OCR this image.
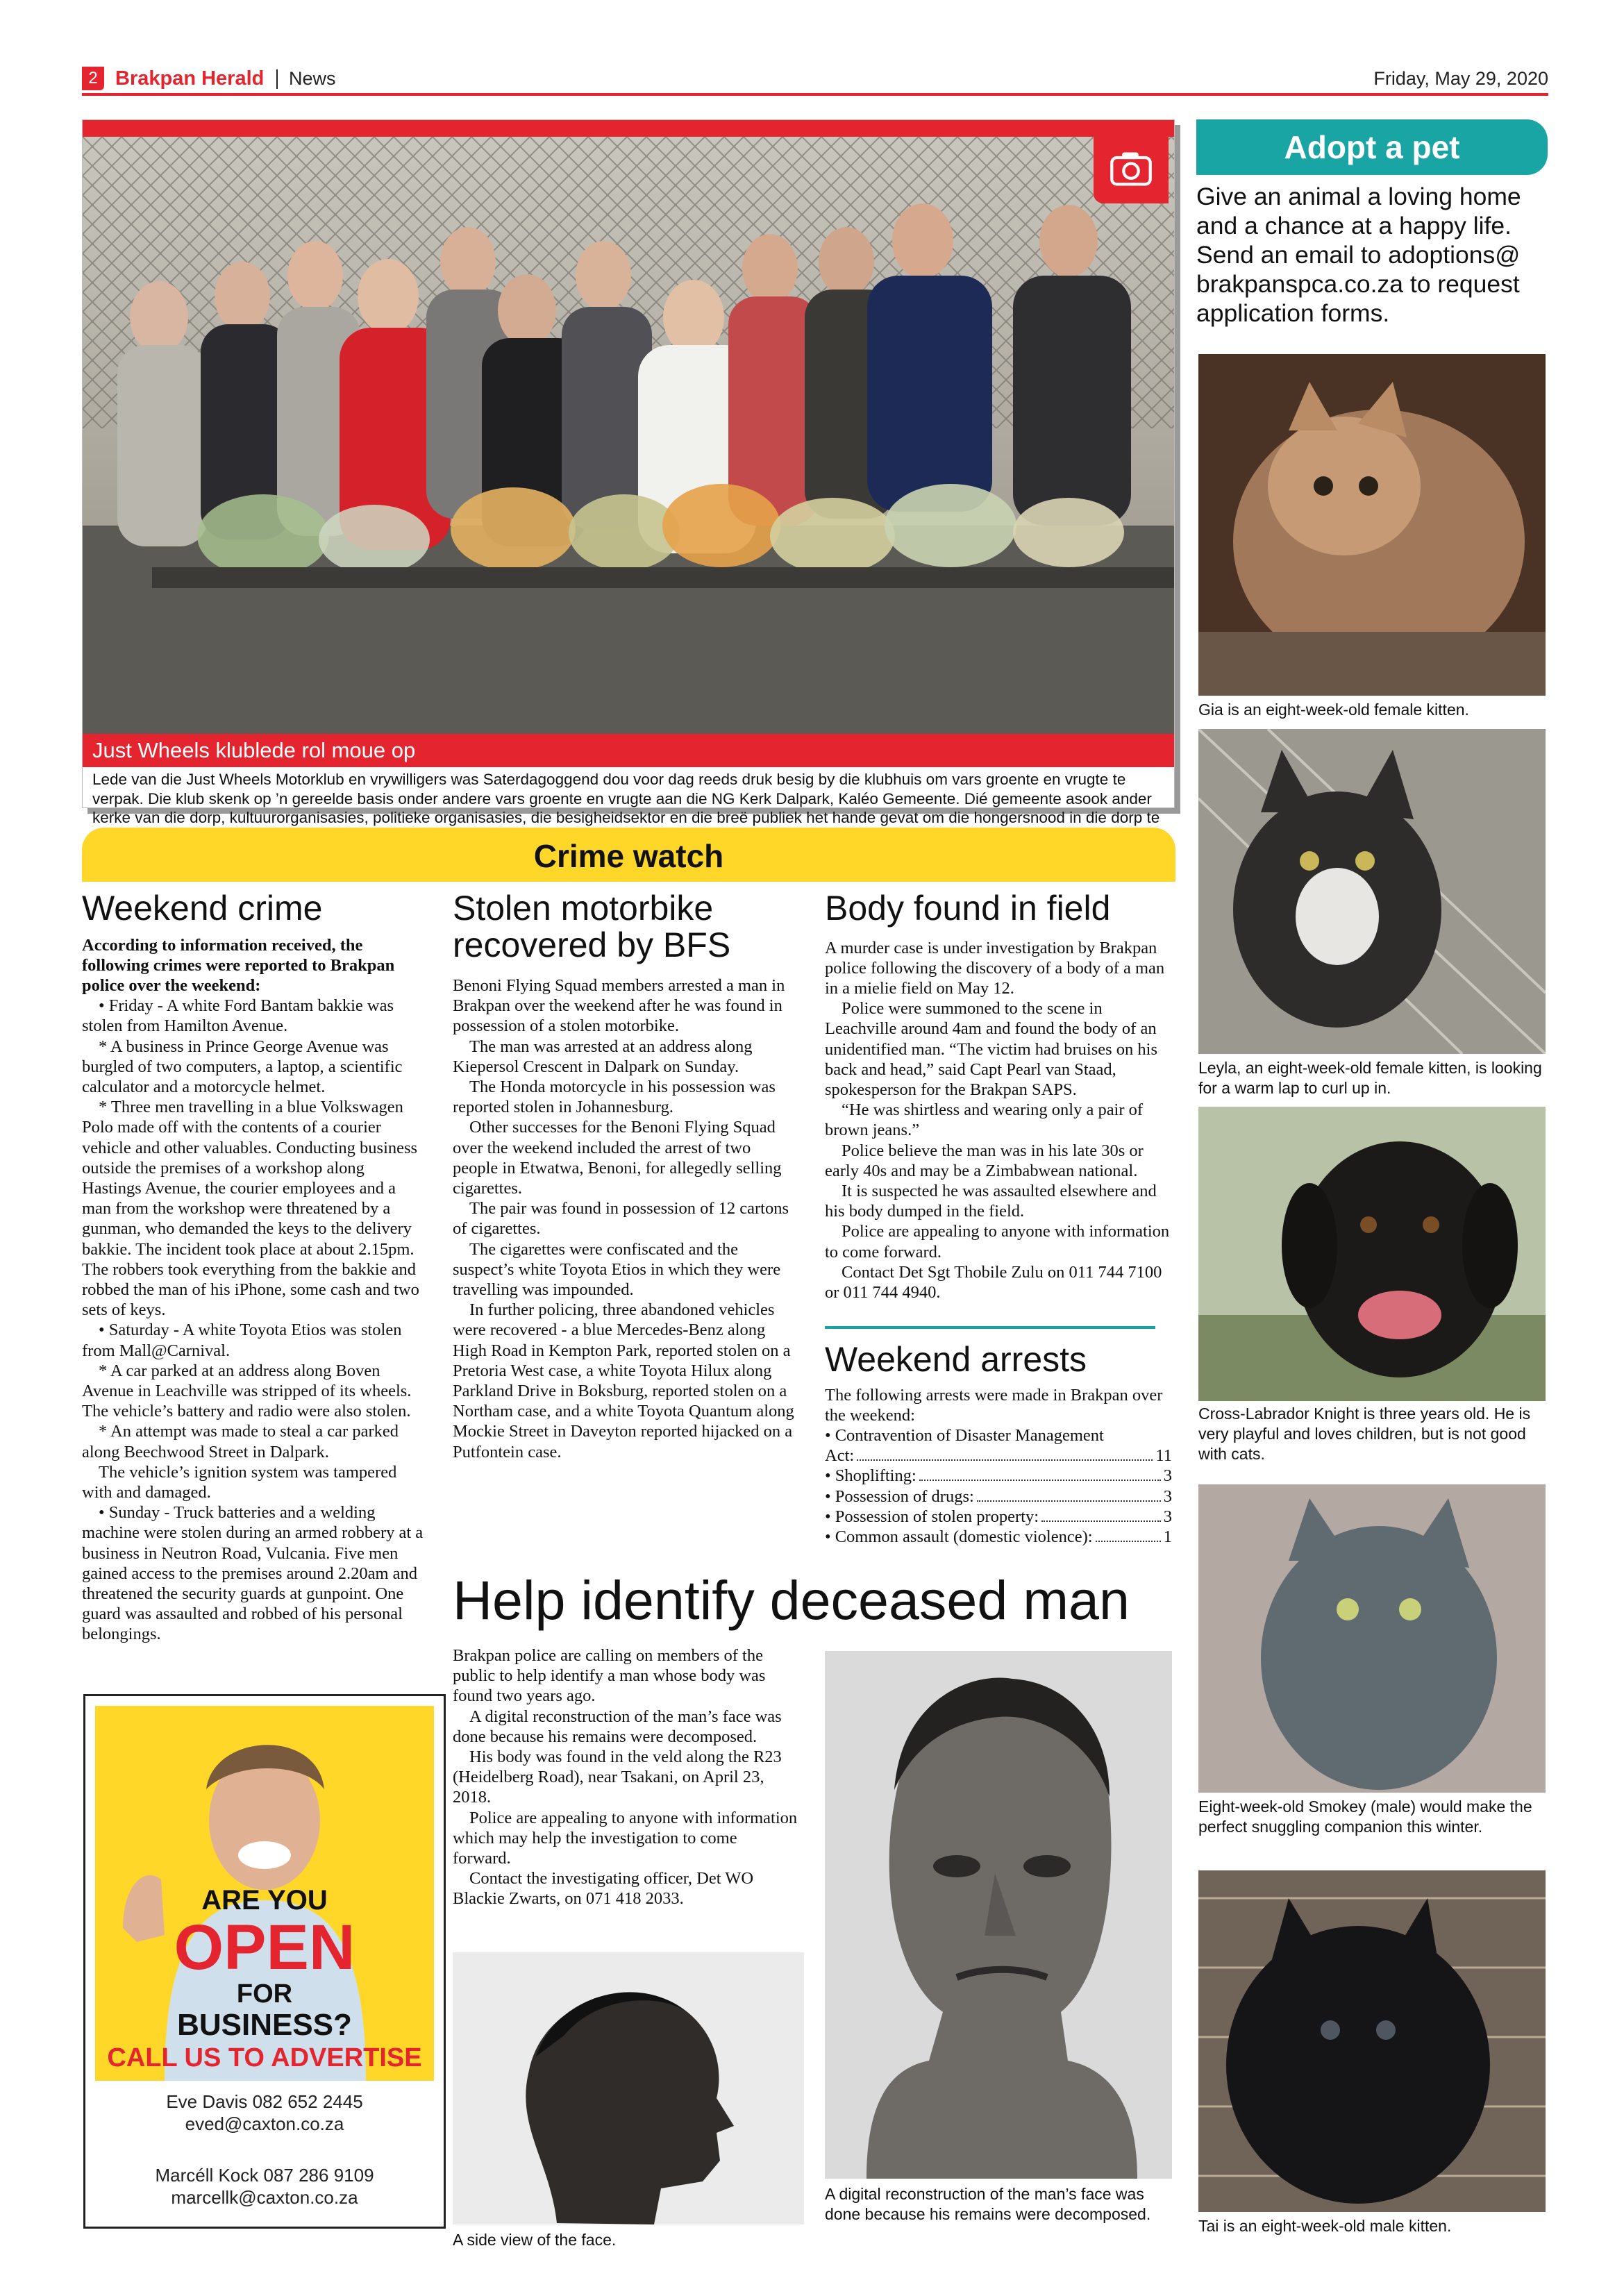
2 Brakpan Herald News	Friday, May 29, 2020
Just Wheels klublede rol moue op
Lede van die Just Wheels Motorklub en vrywilligers was Saterdagoggend dou voor dag reeds druk besig by die klubhuis om vars groente en vrugte te verpak. Die klub skenk op ’n gereelde basis onder andere vars groente en vrugte aan die NG Kerk Dalpark, Kaléo Gemeente. Dié gemeente asook ander kerke van die dorp, kultuurorganisasies, politieke organisasies, die besigheidsektor en die breë publiek het hande gevat om die hongersnood in die dorp te
Adopt a pet
Give an animal a loving home and a chance at a happy life. Send an email to adoptions@ brakpanspca.co.za to request application forms.
Gia is an eight-week-old female kitten.
Leyla, an eight-week-old female kitten, is looking for a warm lap to curl up in.
Cross-Labrador Knight is three years old. He is very playful and loves children, but is not good with cats.
Eight-week-old Smokey (male) would make the perfect snuggling companion this winter.
Tai is an eight-week-old male kitten.
Crime watch
Weekend crime

According to information received, the following crimes were reported to Brakpan police over the weekend:

• Friday - A white Ford Bantam bakkie was stolen from Hamilton Avenue.

* A business in Prince George Avenue was burgled of two computers, a laptop, a scientific calculator and a motorcycle helmet.

* Three men travelling in a blue Volkswagen Polo made off with the contents of a courier vehicle and other valuables. Conducting business outside the premises of a workshop along Hastings Avenue, the courier employees and a man from the workshop were threatened by a gunman, who demanded the keys to the delivery bakkie. The incident took place at about 2.15pm. The robbers took everything from the bakkie and robbed the man of his iPhone, some cash and two sets of keys.

• Saturday - A white Toyota Etios was stolen from Mall@Carnival.

* A car parked at an address along Boven Avenue in Leachville was stripped of its wheels. The vehicle’s battery and radio were also stolen.

* An attempt was made to steal a car parked along Beechwood Street in Dalpark.

The vehicle’s ignition system was tampered with and damaged.

• Sunday - Truck batteries and a welding machine were stolen during an armed robbery at a business in Neutron Road, Vulcania. Five men gained access to the premises around 2.20am and threatened the security guards at gunpoint. One guard was assaulted and robbed of his personal belongings.

Stolen motorbike recovered by BFS

Benoni Flying Squad members arrested a man in Brakpan over the weekend after he was found in possession of a stolen motorbike.

The man was arrested at an address along Kiepersol Crescent in Dalpark on Sunday.

The Honda motorcycle in his possession was reported stolen in Johannesburg.

Other successes for the Benoni Flying Squad over the weekend included the arrest of two people in Etwatwa, Benoni, for allegedly selling cigarettes.

The pair was found in possession of 12 cartons of cigarettes.

The cigarettes were confiscated and the suspect’s white Toyota Etios in which they were travelling was impounded.

In further policing, three abandoned vehicles were recovered - a blue Mercedes-Benz along High Road in Kempton Park, reported stolen on a Pretoria West case, a white Toyota Hilux along Parkland Drive in Boksburg, reported stolen on a Northam case, and a white Toyota Quantum along Mockie Street in Daveyton reported hijacked on a Putfontein case.

Body found in field

A murder case is under investigation by Brakpan police following the discovery of a body of a man in a mielie field on May 12.

Police were summoned to the scene in Leachville around 4am and found the body of an unidentified man. “The victim had bruises on his back and head,” said Capt Pearl van Staad, spokesperson for the Brakpan SAPS.

“He was shirtless and wearing only a pair of brown jeans.”

Police believe the man was in his late 30s or early 40s and may be a Zimbabwean national.

It is suspected he was assaulted elsewhere and his body dumped in the field.

Police are appealing to anyone with information to come forward.

Contact Det Sgt Thobile Zulu on 011 744 7100 or 011 744 4940.

Weekend arrests

The following arrests were made in Brakpan over the weekend:

• Contravention of Disaster Management
Act:	11
• Shoplifting:	3
• Possession of drugs:	3
• Possession of stolen property:	3
• Common assault (domestic violence):	1
Help identify deceased man

Brakpan police are calling on members of the public to help identify a man whose body was found two years ago.

A digital reconstruction of the man’s face was done because his remains were decomposed.

His body was found in the veld along the R23 (Heidelberg Road), near Tsakani, on April 23, 2018.

Police are appealing to anyone with information which may help the investigation to come forward.

Contact the investigating officer, Det WO Blackie Zwarts, on 071 418 2033.

A side view of the face.
A digital reconstruction of the man’s face was done because his remains were decomposed.
ARE YOU
OPEN
FOR
BUSINESS?
CALL US TO ADVERTISE
Eve Davis 082 652 2445
eved@caxton.co.za
Marcéll Kock 087 286 9109
marcellk@caxton.co.za
